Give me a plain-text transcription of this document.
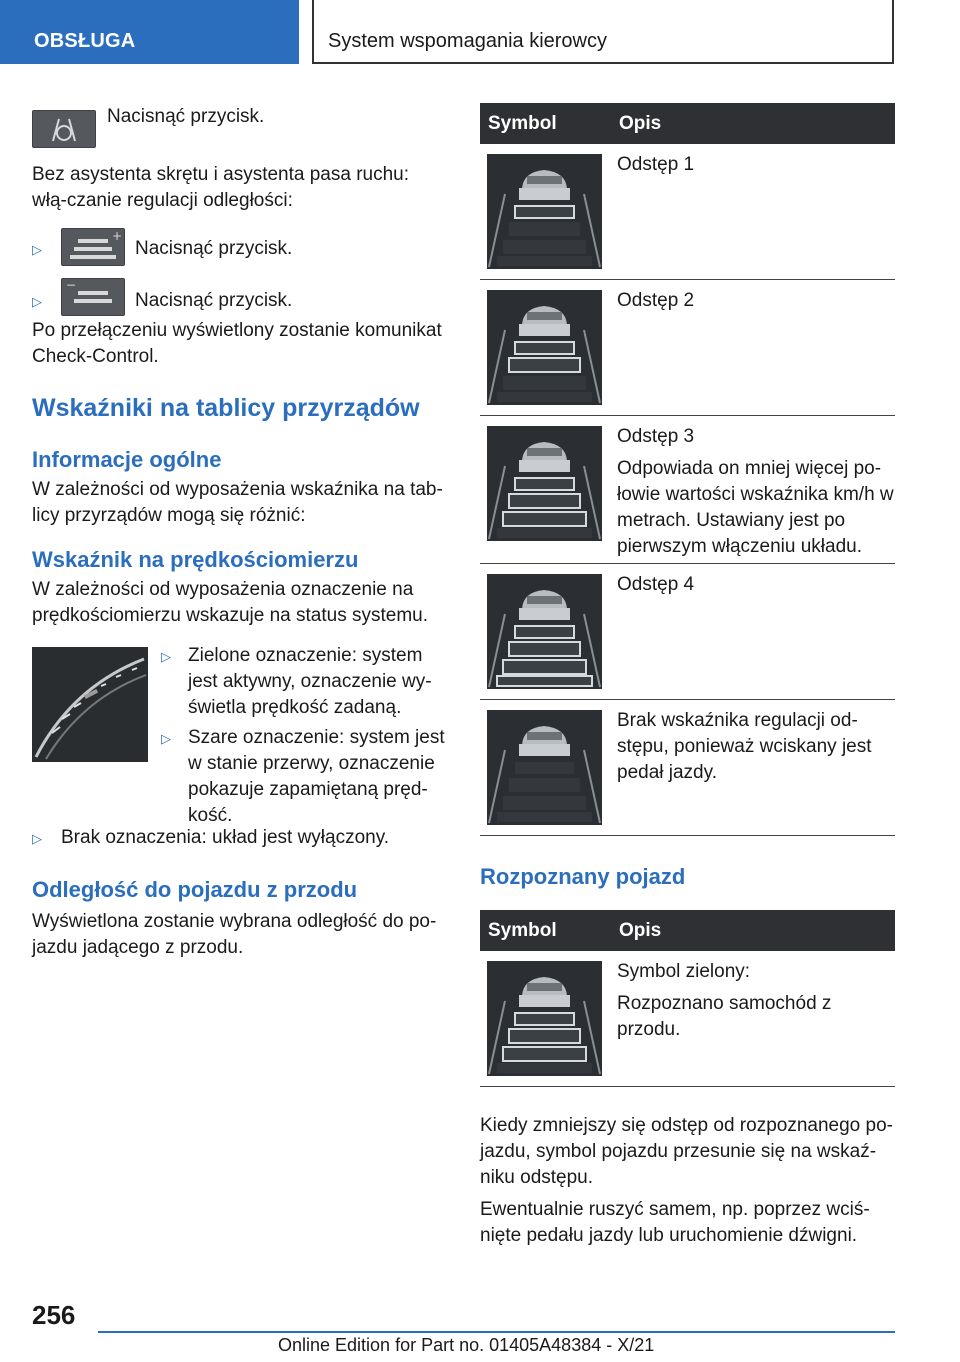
OBSŁUGA	System wspomagania kierowcy

Nacisnąć przycisk.

Bez asystenta skrętu i asystenta pasa ruchu: włą-czanie regulacji odległości:

▷
+

Nacisnąć przycisk.

▷
−

Nacisnąć przycisk.

Po przełączeniu wyświetlony zostanie komunikat Check-Control.

Wskaźniki na tablicy przyrządów
Informacje ogólne

W zależności od wyposażenia wskaźnika na tab-licy przyrządów mogą się różnić:

Wskaźnik na prędkościomierzu

W zależności od wyposażenia oznaczenie na prędkościomierzu wskazuje na status systemu.

▷ Zielone oznaczenie: system jest aktywny, oznaczenie wy-świetla prędkość zadaną.

▷ Szare oznaczenie: system jest w stanie przerwy, oznaczenie pokazuje zapamiętaną pręd-kość.

▷ Brak oznaczenia: układ jest wyłączony.

Odległość do pojazdu z przodu

Wyświetlona zostanie wybrana odległość do po-jazdu jadącego z przodu.

Symbol	Opis

Odstęp 1

Odstęp 2

Odstęp 3
Odpowiada on mniej więcej po-łowie wartości wskaźnika km/h w metrach. Ustawiany jest po pierwszym włączeniu układu.

Odstęp 4

Brak wskaźnika regulacji od-stępu, ponieważ wciskany jest pedał jazdy.
Rozpoznany pojazd
Symbol	Opis

Symbol zielony:
Rozpoznano samochód z przodu.

Kiedy zmniejszy się odstęp od rozpoznanego po-jazdu, symbol pojazdu przesunie się na wskaź-niku odstępu.

Ewentualnie ruszyć samem, np. poprzez wciś-nięte pedału jazdy lub uruchomienie dźwigni.

256
Online Edition for Part no. 01405A48384 - X/21
